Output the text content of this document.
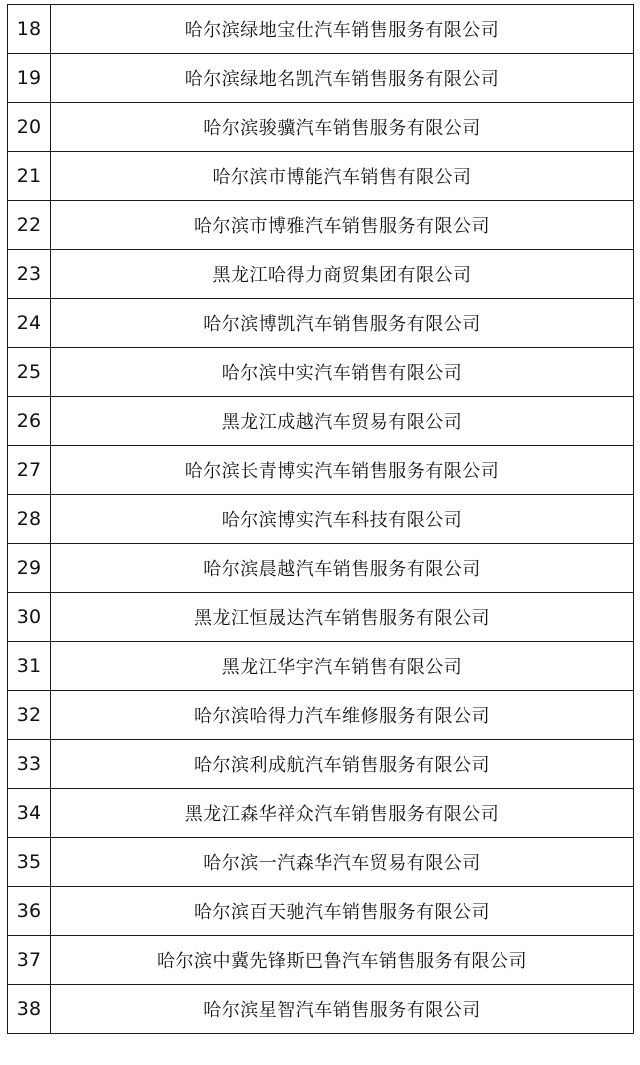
18	哈尔滨绿地宝仕汽车销售服务有限公司
19	哈尔滨绿地名凯汽车销售服务有限公司
20	哈尔滨骏骥汽车销售服务有限公司
21	哈尔滨市博能汽车销售有限公司
22	哈尔滨市博雅汽车销售服务有限公司
23	黑龙江哈得力商贸集团有限公司
24	哈尔滨博凯汽车销售服务有限公司
25	哈尔滨中实汽车销售有限公司
26	黑龙江成越汽车贸易有限公司
27	哈尔滨长青博实汽车销售服务有限公司
28	哈尔滨博实汽车科技有限公司
29	哈尔滨晨越汽车销售服务有限公司
30	黑龙江恒晟达汽车销售服务有限公司
31	黑龙江华宇汽车销售有限公司
32	哈尔滨哈得力汽车维修服务有限公司
33	哈尔滨利成航汽车销售服务有限公司
34	黑龙江森华祥众汽车销售服务有限公司
35	哈尔滨一汽森华汽车贸易有限公司
36	哈尔滨百天驰汽车销售服务有限公司
37	哈尔滨中冀先锋斯巴鲁汽车销售服务有限公司
38	哈尔滨星智汽车销售服务有限公司
